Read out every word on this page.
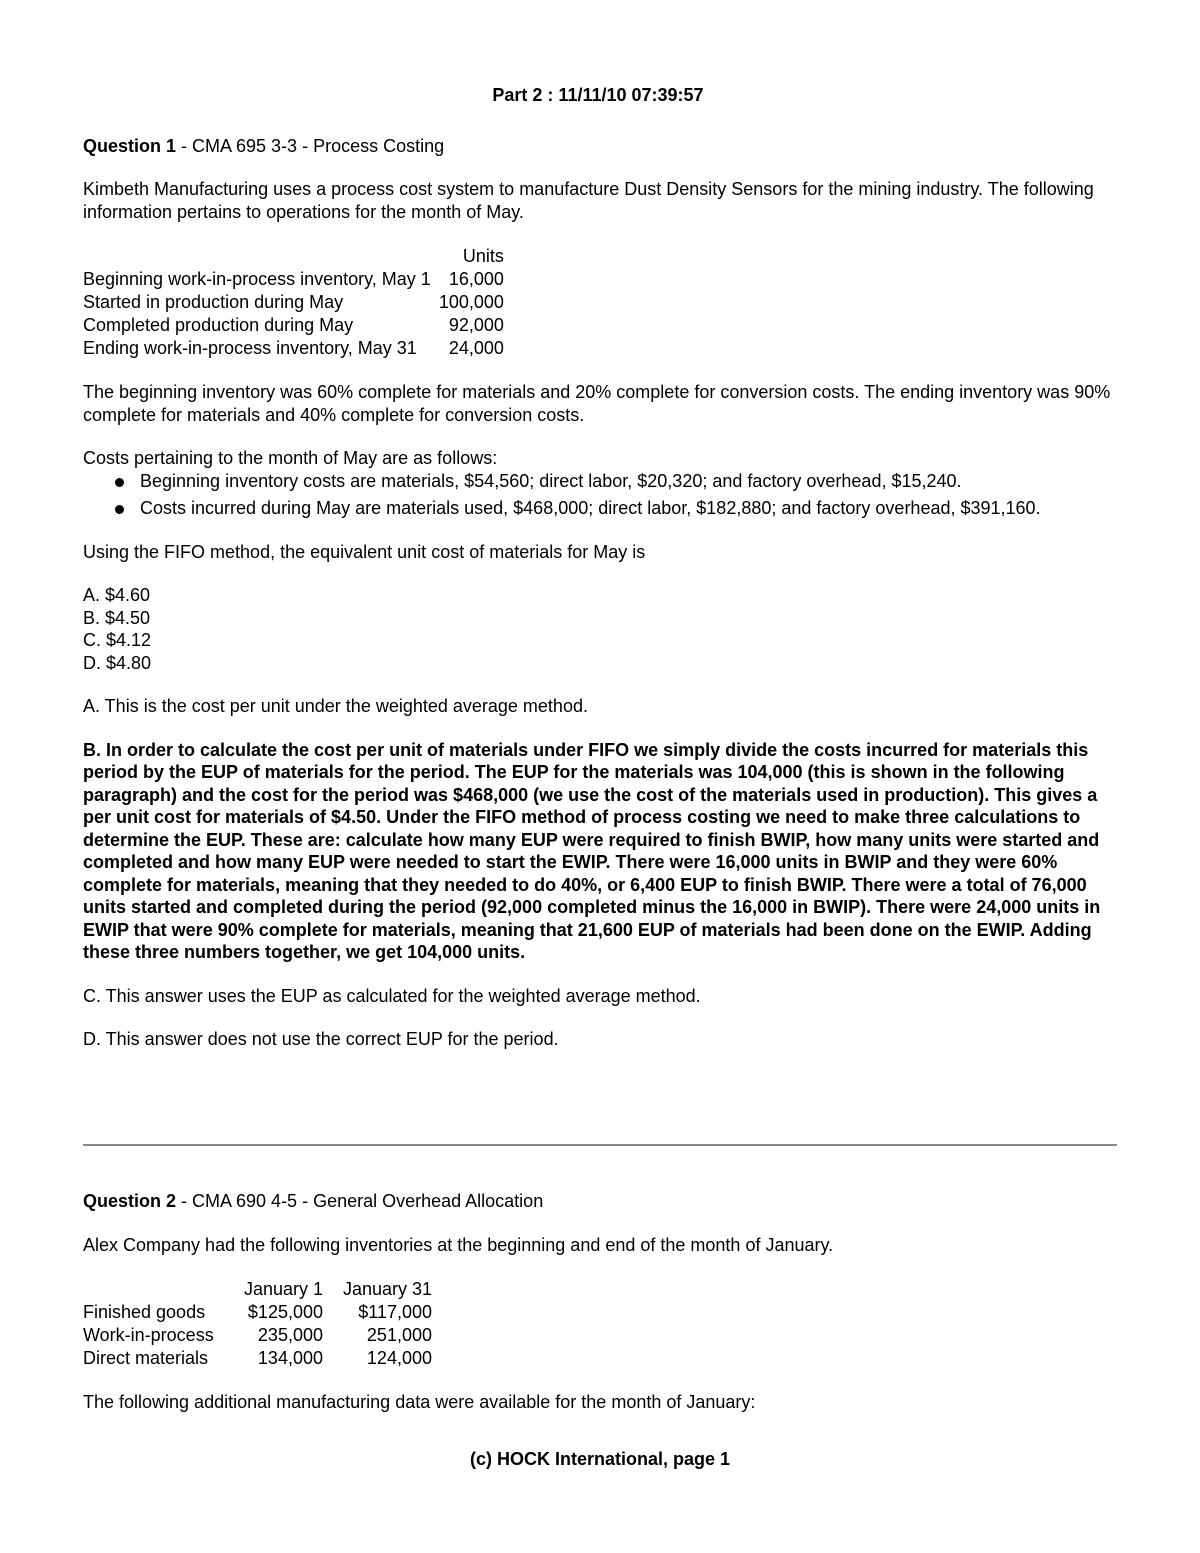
Part 2 : 11/11/10 07:39:57

Question 1 - CMA 695 3-3 - Process Costing

Kimbeth Manufacturing uses a process cost system to manufacture Dust Density Sensors for the mining industry. The following information pertains to operations for the month of May.

	Units
Beginning work-in-process inventory, May 1	16,000
Started in production during May	100,000
Completed production during May	92,000
Ending work-in-process inventory, May 31	24,000

The beginning inventory was 60% complete for materials and 20% complete for conversion costs. The ending inventory was 90% complete for materials and 40% complete for conversion costs.

Costs pertaining to the month of May are as follows:

Beginning inventory costs are materials, $54,560; direct labor, $20,320; and factory overhead, $15,240.
Costs incurred during May are materials used, $468,000; direct labor, $182,880; and factory overhead, $391,160.

Using the FIFO method, the equivalent unit cost of materials for May is

A. $4.60
B. $4.50
C. $4.12
D. $4.80

A. This is the cost per unit under the weighted average method.

B. In order to calculate the cost per unit of materials under FIFO we simply divide the costs incurred for materials this period by the EUP of materials for the period. The EUP for the materials was 104,000 (this is shown in the following paragraph) and the cost for the period was $468,000 (we use the cost of the materials used in production). This gives a per unit cost for materials of $4.50. Under the FIFO method of process costing we need to make three calculations to determine the EUP. These are: calculate how many EUP were required to finish BWIP, how many units were started and completed and how many EUP were needed to start the EWIP. There were 16,000 units in BWIP and they were 60% complete for materials, meaning that they needed to do 40%, or 6,400 EUP to finish BWIP. There were a total of 76,000 units started and completed during the period (92,000 completed minus the 16,000 in BWIP). There were 24,000 units in EWIP that were 90% complete for materials, meaning that 21,600 EUP of materials had been done on the EWIP. Adding these three numbers together, we get 104,000 units.

C. This answer uses the EUP as calculated for the weighted average method.

D. This answer does not use the correct EUP for the period.

Question 2 - CMA 690 4-5 - General Overhead Allocation

Alex Company had the following inventories at the beginning and end of the month of January.

	January 1	January 31
Finished goods	$125,000	$117,000
Work-in-process	235,000	251,000
Direct materials	134,000	124,000

The following additional manufacturing data were available for the month of January:

(c) HOCK International, page 1
